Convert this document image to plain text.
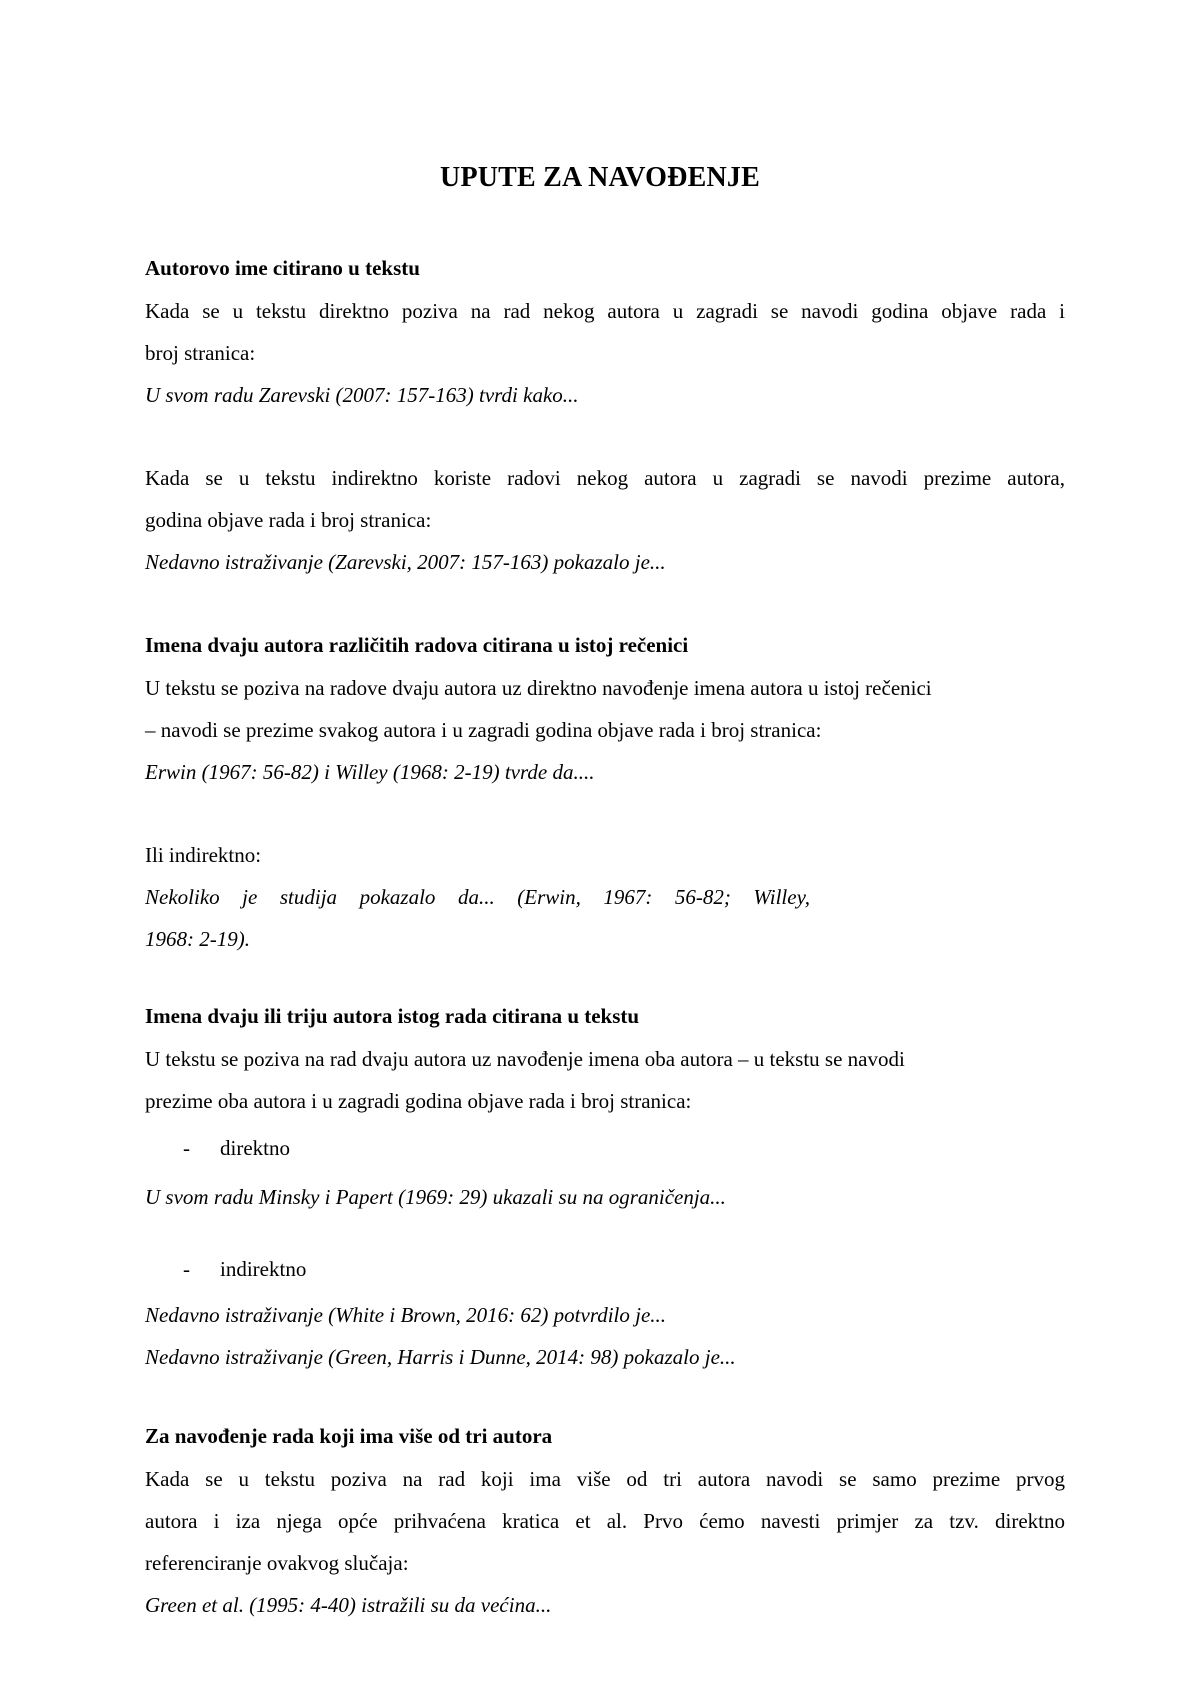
UPUTE ZA NAVOĐENJE
Autorovo ime citirano u tekstu
Kada se u tekstu direktno poziva na rad nekog autora u zagradi se navodi godina objave rada i
broj stranica:
U svom radu Zarevski (2007: 157-163) tvrdi kako...
Kada se u tekstu indirektno koriste radovi nekog autora u zagradi se navodi prezime autora,
godina objave rada i broj stranica:
Nedavno istraživanje (Zarevski, 2007: 157-163) pokazalo je...
Imena dvaju autora različitih radova citirana u istoj rečenici
U tekstu se poziva na radove dvaju autora uz direktno navođenje imena autora u istoj rečenici
– navodi se prezime svakog autora i u zagradi godina objave rada i broj stranica:
Erwin (1967: 56-82) i Willey (1968: 2-19) tvrde da....
Ili indirektno:
Nekoliko je studija pokazalo da... (Erwin, 1967: 56-82; Willey,
1968: 2-19).
Imena dvaju ili triju autora istog rada citirana u tekstu
U tekstu se poziva na rad dvaju autora uz navođenje imena oba autora – u tekstu se navodi
prezime oba autora i u zagradi godina objave rada i broj stranica:
- direktno
U svom radu Minsky i Papert (1969: 29) ukazali su na ograničenja...
- indirektno
Nedavno istraživanje (White i Brown, 2016: 62) potvrdilo je...
Nedavno istraživanje (Green, Harris i Dunne, 2014: 98) pokazalo je...
Za navođenje rada koji ima više od tri autora
Kada se u tekstu poziva na rad koji ima više od tri autora navodi se samo prezime prvog
autora i iza njega opće prihvaćena kratica et al. Prvo ćemo navesti primjer za tzv. direktno
referenciranje ovakvog slučaja:
Green et al. (1995: 4-40) istražili su da većina...
